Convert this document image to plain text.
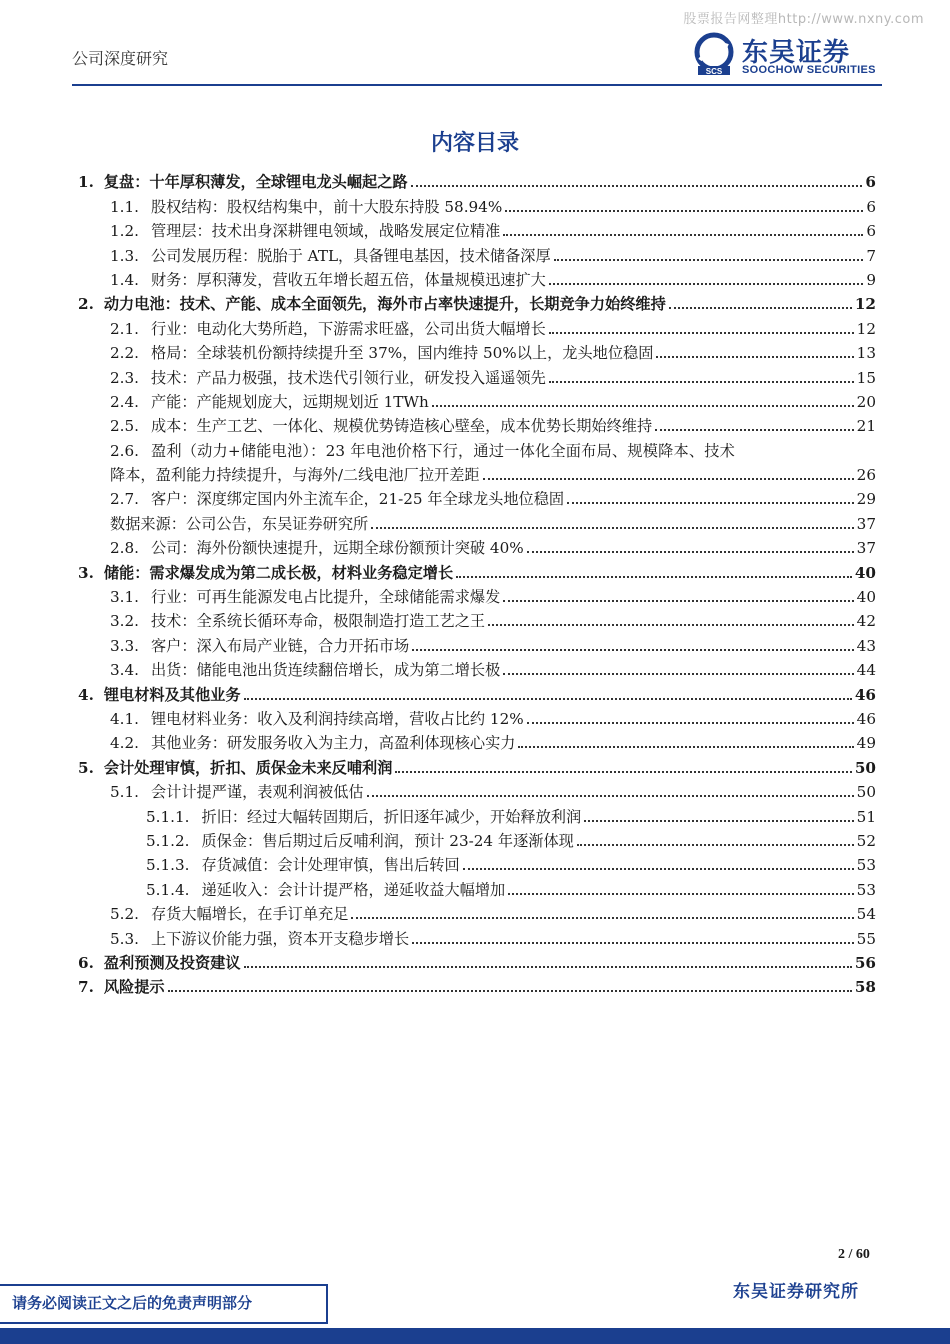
股票报告网整理http://www.nxny.com
公司深度研究
SCS
东吴证券
SOOCHOW SECURITIES
内容目录
1. 复盘：十年厚积薄发，全球锂电龙头崛起之路	6
1.1. 股权结构：股权结构集中，前十大股东持股 58.94%	6
1.2. 管理层：技术出身深耕锂电领域，战略发展定位精准	6
1.3. 公司发展历程：脱胎于 ATL，具备锂电基因，技术储备深厚	7
1.4. 财务：厚积薄发，营收五年增长超五倍，体量规模迅速扩大	9
2. 动力电池：技术、产能、成本全面领先，海外市占率快速提升，长期竞争力始终维持	12
2.1. 行业：电动化大势所趋，下游需求旺盛，公司出货大幅增长	12
2.2. 格局：全球装机份额持续提升至 37%，国内维持 50%以上，龙头地位稳固	13
2.3. 技术：产品力极强，技术迭代引领行业，研发投入遥遥领先	15
2.4. 产能：产能规划庞大，远期规划近 1TWh	20
2.5. 成本：生产工艺、一体化、规模优势铸造核心壁垒，成本优势长期始终维持	21
2.6. 盈利（动力+储能电池）：23 年电池价格下行，通过一体化全面布局、规模降本、技术
降本，盈利能力持续提升，与海外/二线电池厂拉开差距	26
2.7. 客户：深度绑定国内外主流车企，21-25 年全球龙头地位稳固	29
数据来源：公司公告，东吴证券研究所	37
2.8. 公司：海外份额快速提升，远期全球份额预计突破 40%	37
3. 储能：需求爆发成为第二成长极，材料业务稳定增长	40
3.1. 行业：可再生能源发电占比提升，全球储能需求爆发	40
3.2. 技术：全系统长循环寿命，极限制造打造工艺之王	42
3.3. 客户：深入布局产业链，合力开拓市场	43
3.4. 出货：储能电池出货连续翻倍增长，成为第二增长极	44
4. 锂电材料及其他业务	46
4.1. 锂电材料业务：收入及利润持续高增，营收占比约 12%	46
4.2. 其他业务：研发服务收入为主力，高盈利体现核心实力	49
5. 会计处理审慎，折扣、质保金未来反哺利润	50
5.1. 会计计提严谨，表观利润被低估	50
5.1.1. 折旧：经过大幅转固期后，折旧逐年减少，开始释放利润	51
5.1.2. 质保金：售后期过后反哺利润，预计 23-24 年逐渐体现	52
5.1.3. 存货减值：会计处理审慎，售出后转回	53
5.1.4. 递延收入：会计计提严格，递延收益大幅增加	53
5.2. 存货大幅增长，在手订单充足	54
5.3. 上下游议价能力强，资本开支稳步增长	55
6. 盈利预测及投资建议	56
7. 风险提示	58
2 / 60
东吴证券研究所
请务必阅读正文之后的免责声明部分
